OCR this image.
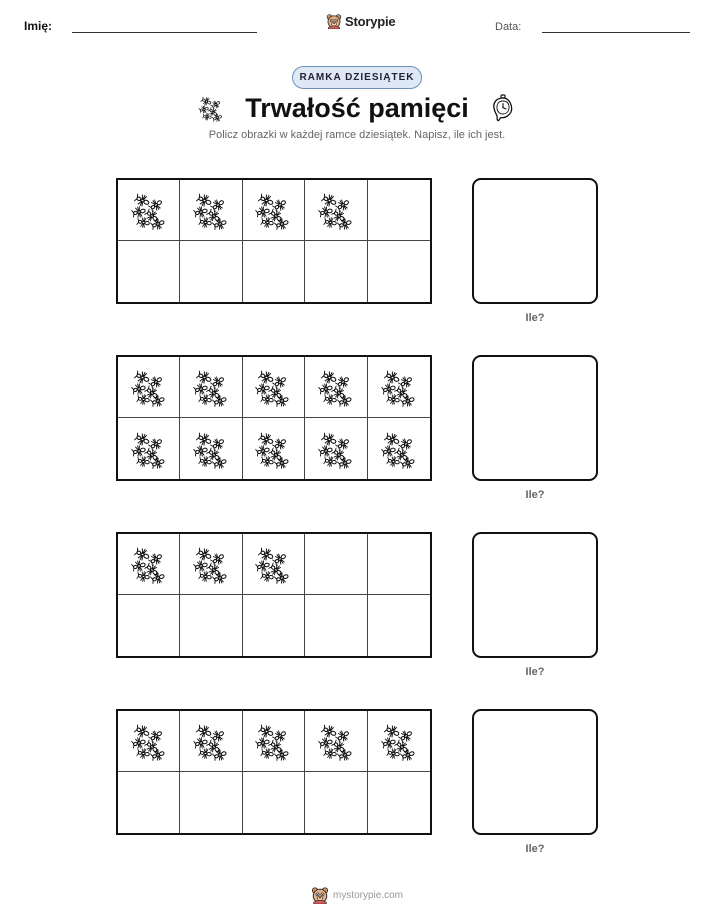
Imię:	Storypie	Data:
RAMKA DZIESIĄTEK
Trwałość pamięci
Policz obrazki w każdej ramce dziesiątek. Napisz, ile ich jest.
Ile?
Ile?
Ile?
Ile?
mystorypie.com
